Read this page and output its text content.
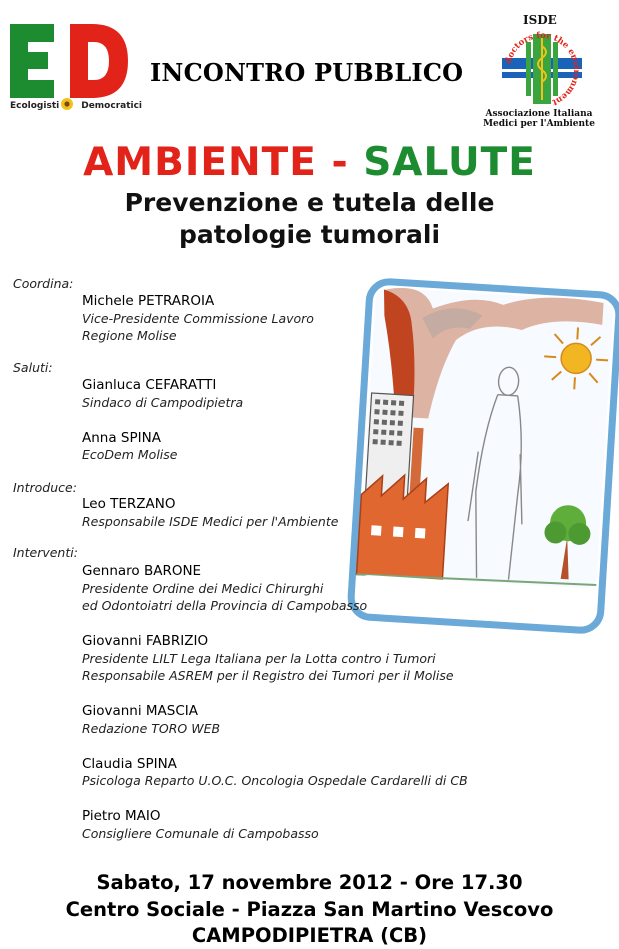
Ecologisti Democratici
INCONTRO PUBBLICO
ISDE
doctors for the environment
Associazione Italiana
Medici per l'Ambiente
AMBIENTE - SALUTE
Prevenzione e tutela delle
patologie tumorali
Coordina:
Michele PETRAROIA
Vice-Presidente Commissione Lavoro
Regione Molise
Saluti:
Gianluca CEFARATTI
Sindaco di Campodipietra
Anna SPINA
EcoDem Molise
Introduce:
Leo TERZANO
Responsabile ISDE Medici per l'Ambiente
Interventi:
Gennaro BARONE
Presidente Ordine dei Medici Chirurghi
ed Odontoiatri della Provincia di Campobasso
Giovanni FABRIZIO
Presidente LILT Lega Italiana per la Lotta contro i Tumori
Responsabile ASREM per il Registro dei Tumori per il Molise
Giovanni MASCIA
Redazione TORO WEB
Claudia SPINA
Psicologa Reparto U.O.C. Oncologia Ospedale Cardarelli di CB
Pietro MAIO
Consigliere Comunale di Campobasso
Sabato, 17 novembre 2012 - Ore 17.30
Centro Sociale - Piazza San Martino Vescovo
CAMPODIPIETRA (CB)
